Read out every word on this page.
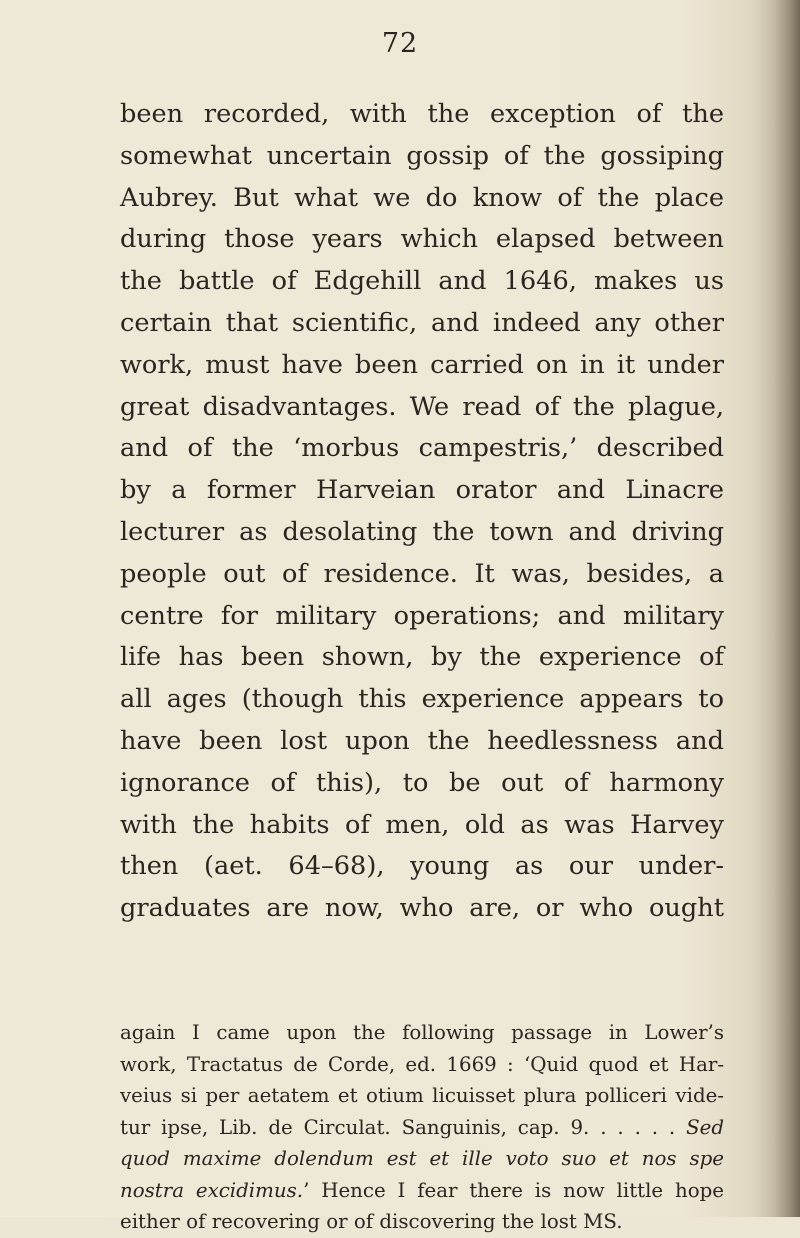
72

been recorded, with the exception of the
somewhat uncertain gossip of the gossiping
Aubrey. But what we do know of the place
during those years which elapsed between
the battle of Edgehill and 1646, makes us
certain that scientific, and indeed any other
work, must have been carried on in it under
great disadvantages. We read of the plague,
and of the ‘morbus campestris,’ described
by a former Harveian orator and Linacre
lecturer as desolating the town and driving
people out of residence. It was, besides, a
centre for military operations; and military
life has been shown, by the experience of
all ages (though this experience appears to
have been lost upon the heedlessness and
ignorance of this), to be out of harmony
with the habits of men, old as was Harvey
then (aet. 64–68), young as our under-
graduates are now, who are, or who ought

again I came upon the following passage in Lower’s
work, Tractatus de Corde, ed. 1669 : ‘Quid quod et Har-
veius si per aetatem et otium licuisset plura polliceri vide-
tur ipse, Lib. de Circulat. Sanguinis, cap. 9. . . . . . Sed
quod maxime dolendum est et ille voto suo et nos spe
nostra excidimus.’ Hence I fear there is now little hope
either of recovering or of discovering the lost MS.
